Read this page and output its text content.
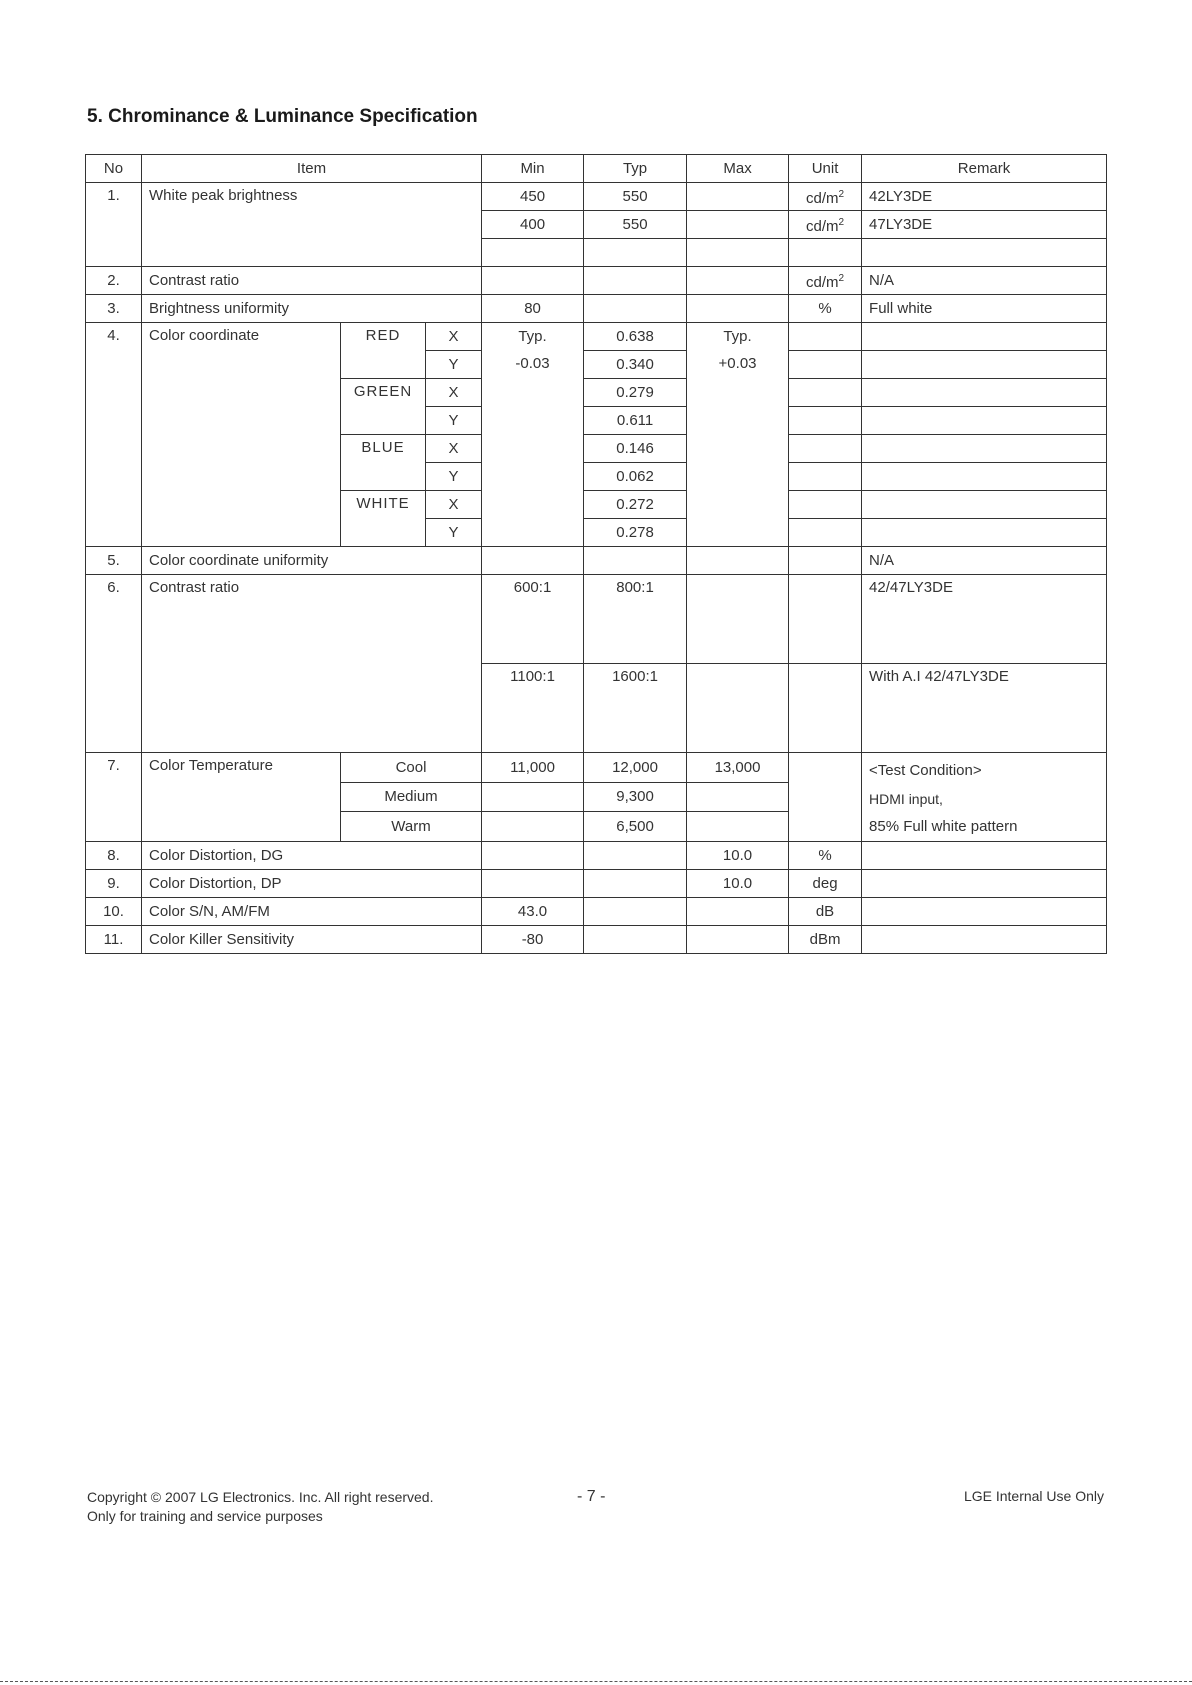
5. Chrominance & Luminance Specification
No	Item			Min	Typ	Max	Unit	Remark
1.	White peak brightness			450	550		$cd/m^2$	42LY3DE
				400	550		$cd/m^2$	47LY3DE

2.	Contrast ratio						$cd/m^2$	N/A
3.	Brightness uniformity			80			%	Full white
4.	Color coordinate	RED	X	Typ.	0.638	Typ.		
			Y	-0.03	0.340	+0.03		
		GREEN	X		0.279			
			Y		0.611			
		BLUE	X		0.146			
			Y		0.062			
		WHITE	X		0.272			
			Y		0.278			
5.	Color coordinate uniformity							N/A
6.	Contrast ratio			600:1	800:1			42/47LY3DE
				1100:1	1600:1			With A.I 42/47LY3DE
7.	Color Temperature	Cool		11,000	12,000	13,000		<Test Condition>
HDMI input,
85% Full white pattern

		Medium			9,300			
		Warm			6,500			
8.	Color Distortion, DG					10.0	%	
9.	Color Distortion, DP					10.0	deg	
10.	Color S/N, AM/FM			43.0			dB	
11.	Color Killer Sensitivity			-80			dBm	
Copyright © 2007 LG Electronics. Inc. All right reserved.
Only for training and service purposes
- 7 -	LGE Internal Use Only
